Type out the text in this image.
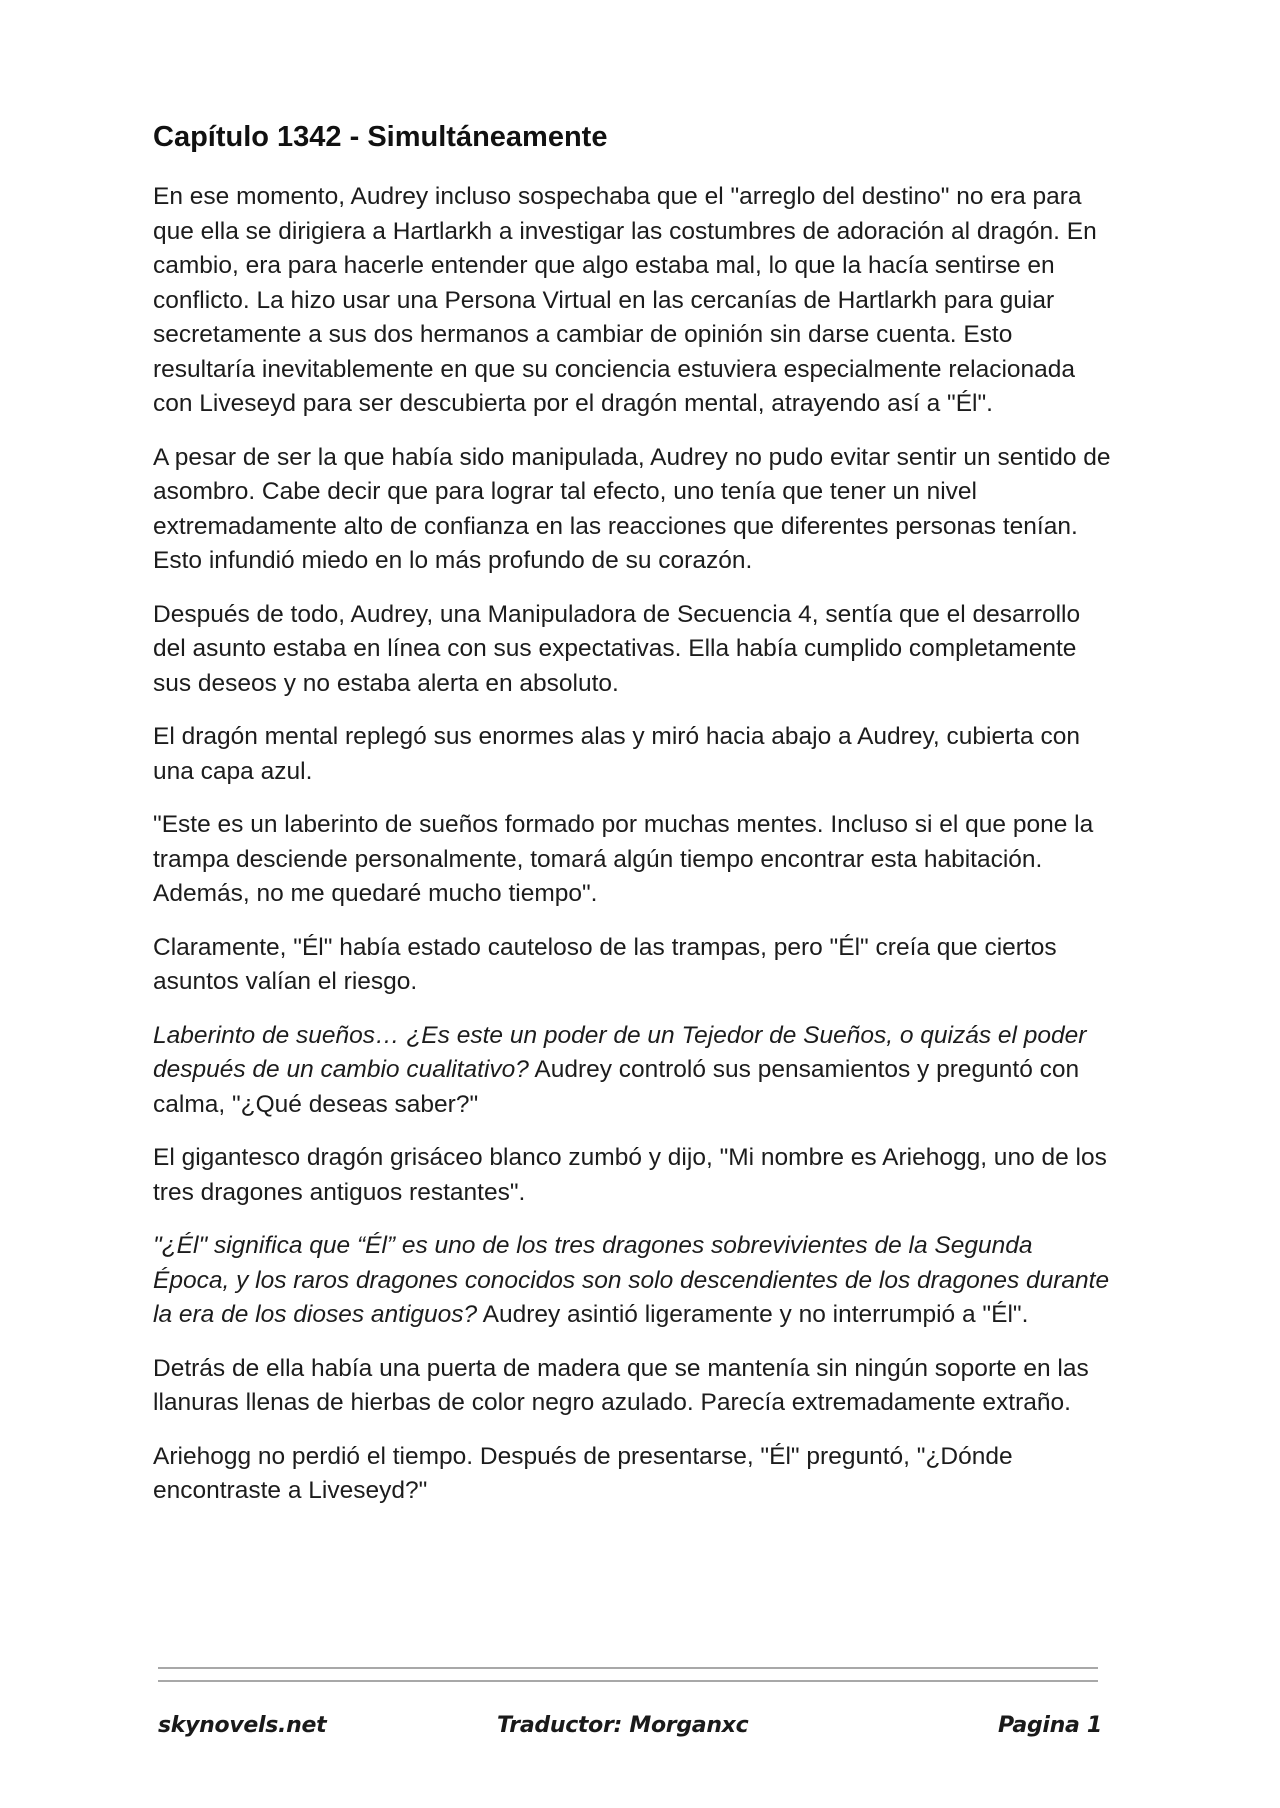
Capítulo 1342 - Simultáneamente

En ese momento, Audrey incluso sospechaba que el "arreglo del destino" no era para que ella se dirigiera a Hartlarkh a investigar las costumbres de adoración al dragón. En cambio, era para hacerle entender que algo estaba mal, lo que la hacía sentirse en conflicto. La hizo usar una Persona Virtual en las cercanías de Hartlarkh para guiar secretamente a sus dos hermanos a cambiar de opinión sin darse cuenta. Esto resultaría inevitablemente en que su conciencia estuviera especialmente relacionada con Liveseyd para ser descubierta por el dragón mental, atrayendo así a "Él".

A pesar de ser la que había sido manipulada, Audrey no pudo evitar sentir un sentido de asombro. Cabe decir que para lograr tal efecto, uno tenía que tener un nivel extremadamente alto de confianza en las reacciones que diferentes personas tenían. Esto infundió miedo en lo más profundo de su corazón.

Después de todo, Audrey, una Manipuladora de Secuencia 4, sentía que el desarrollo del asunto estaba en línea con sus expectativas. Ella había cumplido completamente sus deseos y no estaba alerta en absoluto.

El dragón mental replegó sus enormes alas y miró hacia abajo a Audrey, cubierta con una capa azul.

"Este es un laberinto de sueños formado por muchas mentes. Incluso si el que pone la trampa desciende personalmente, tomará algún tiempo encontrar esta habitación. Además, no me quedaré mucho tiempo".

Claramente, "Él" había estado cauteloso de las trampas, pero "Él" creía que ciertos asuntos valían el riesgo.

Laberinto de sueños… ¿Es este un poder de un Tejedor de Sueños, o quizás el poder después de un cambio cualitativo? Audrey controló sus pensamientos y preguntó con calma, "¿Qué deseas saber?"

El gigantesco dragón grisáceo blanco zumbó y dijo, "Mi nombre es Ariehogg, uno de los tres dragones antiguos restantes".

"¿Él" significa que “Él” es uno de los tres dragones sobrevivientes de la Segunda Época, y los raros dragones conocidos son solo descendientes de los dragones durante la era de los dioses antiguos? Audrey asintió ligeramente y no interrumpió a "Él".

Detrás de ella había una puerta de madera que se mantenía sin ningún soporte en las llanuras llenas de hierbas de color negro azulado. Parecía extremadamente extraño.

Ariehogg no perdió el tiempo. Después de presentarse, "Él" preguntó, "¿Dónde encontraste a Liveseyd?"

skynovels.net	Traductor: Morganxc	Pagina 1
